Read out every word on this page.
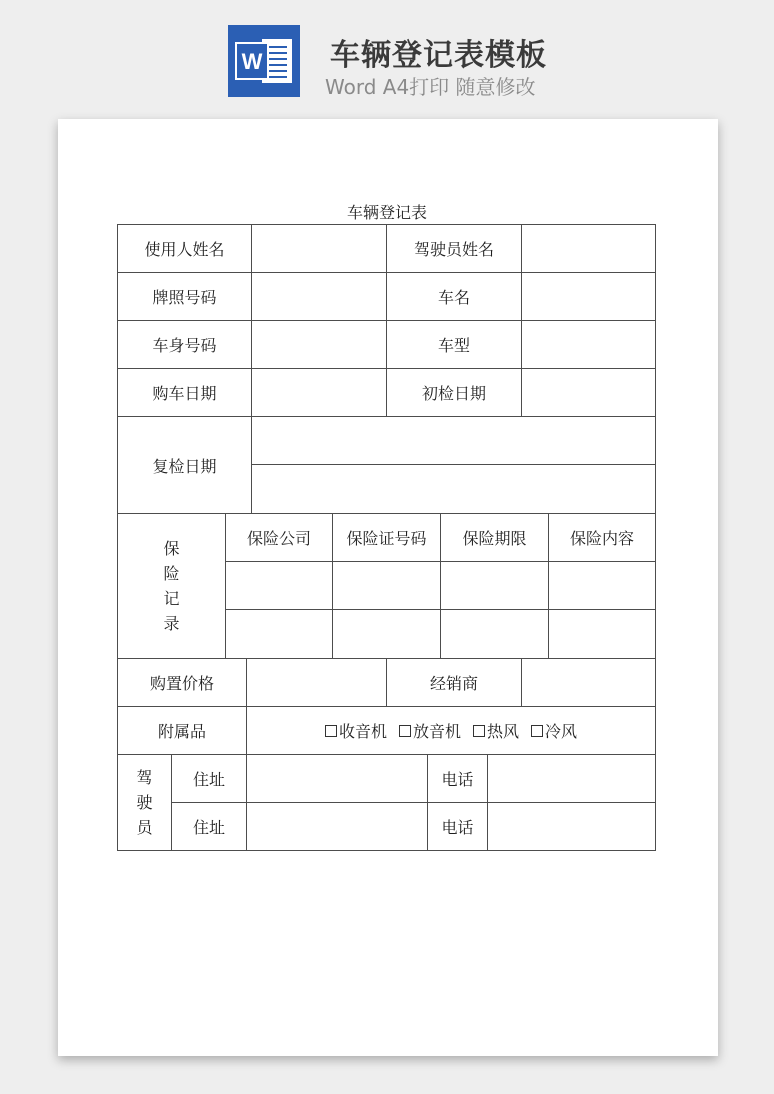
W 车辆登记表模板
Word A4打印 随意修改
车辆登记表
使用人姓名	驾驶员姓名
牌照号码	车名
车身号码	车型
购车日期	初检日期
复检日期
保险记录
保险公司	保险证号码	保险期限	保险内容
购置价格	经销商
附属品	收音机 放音机 热风 冷风
驾驶员
住址	电话
住址	电话
